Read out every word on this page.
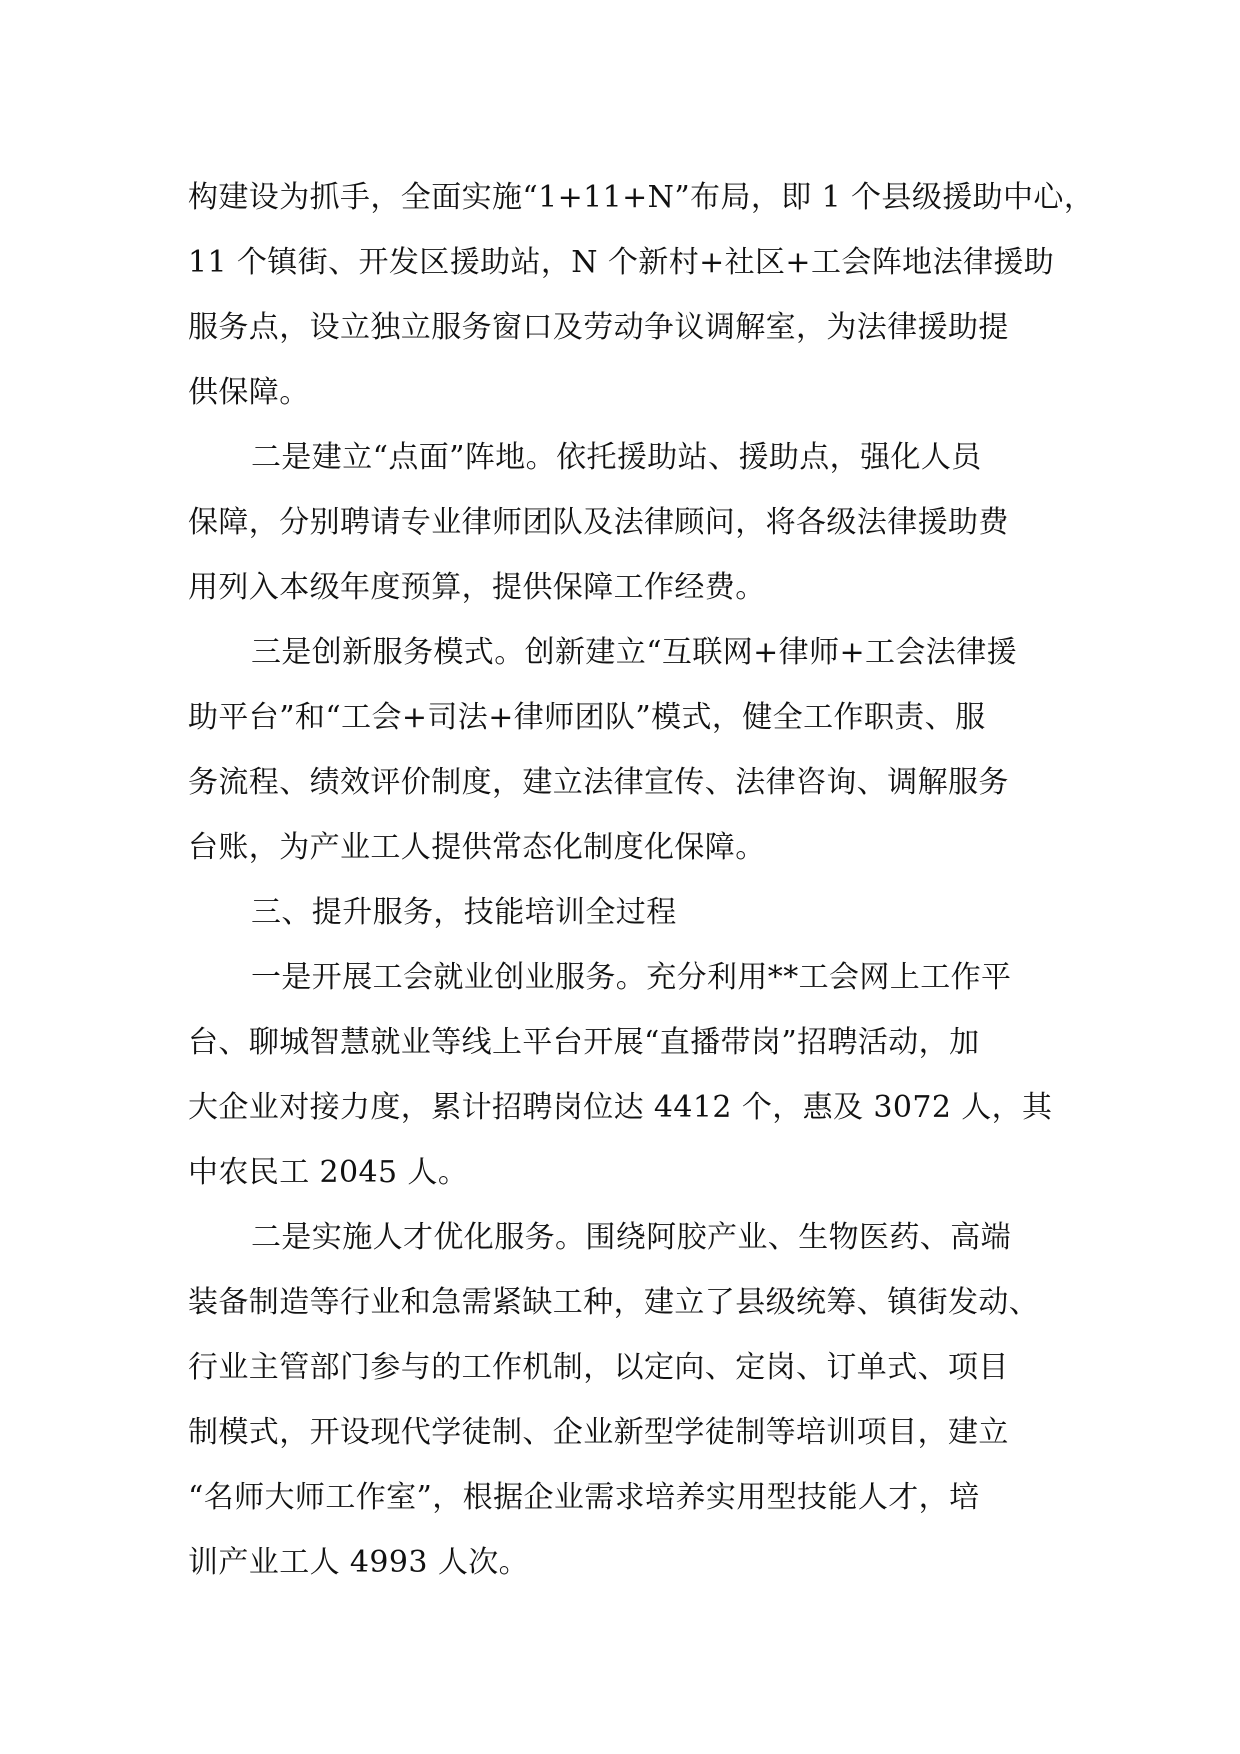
构建设为抓手，全面实施“1+11+N”布局，即 1 个县级援助中心，

11 个镇街、开发区援助站，N 个新村+社区+工会阵地法律援助

服务点，设立独立服务窗口及劳动争议调解室，为法律援助提

供保障。

二是建立“点面”阵地。依托援助站、援助点，强化人员

保障，分别聘请专业律师团队及法律顾问，将各级法律援助费

用列入本级年度预算，提供保障工作经费。

三是创新服务模式。创新建立“互联网+律师+工会法律援

助平台”和“工会+司法+律师团队”模式，健全工作职责、服

务流程、绩效评价制度，建立法律宣传、法律咨询、调解服务

台账，为产业工人提供常态化制度化保障。

三、提升服务，技能培训全过程

一是开展工会就业创业服务。充分利用**工会网上工作平

台、聊城智慧就业等线上平台开展“直播带岗”招聘活动，加

大企业对接力度，累计招聘岗位达 4412 个，惠及 3072 人，其

中农民工 2045 人。

二是实施人才优化服务。围绕阿胶产业、生物医药、高端

装备制造等行业和急需紧缺工种，建立了县级统筹、镇街发动、

行业主管部门参与的工作机制，以定向、定岗、订单式、项目

制模式，开设现代学徒制、企业新型学徒制等培训项目，建立

“名师大师工作室”，根据企业需求培养实用型技能人才，培

训产业工人 4993 人次。
